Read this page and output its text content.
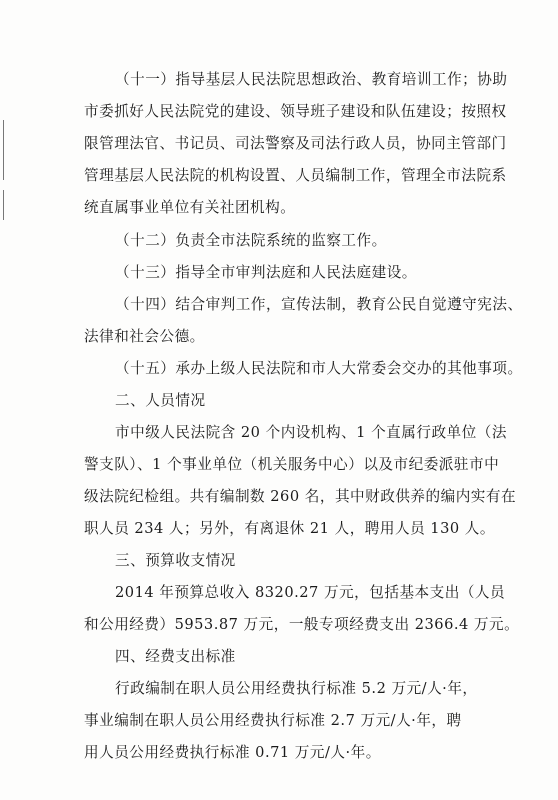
（十一）指导基层人民法院思想政治、教育培训工作；协助
市委抓好人民法院党的建设、领导班子建设和队伍建设；按照权
限管理法官、书记员、司法警察及司法行政人员，协同主管部门
管理基层人民法院的机构设置、人员编制工作，管理全市法院系
统直属事业单位有关社团机构。
（十二）负责全市法院系统的监察工作。
（十三）指导全市审判法庭和人民法庭建设。
（十四）结合审判工作，宣传法制，教育公民自觉遵守宪法、
法律和社会公德。
（十五）承办上级人民法院和市人大常委会交办的其他事项。
二、人员情况
市中级人民法院含 20 个内设机构、1 个直属行政单位（法
警支队）、1 个事业单位（机关服务中心）以及市纪委派驻市中
级法院纪检组。共有编制数 260 名，其中财政供养的编内实有在
职人员 234 人；另外，有离退休 21 人，聘用人员 130 人。
三、预算收支情况
2014 年预算总收入 8320.27 万元，包括基本支出（人员
和公用经费）5953.87 万元，一般专项经费支出 2366.4 万元。
四、经费支出标准
行政编制在职人员公用经费执行标准 5.2 万元/人·年，
事业编制在职人员公用经费执行标准 2.7 万元/人·年，聘
用人员公用经费执行标准 0.71 万元/人·年。
